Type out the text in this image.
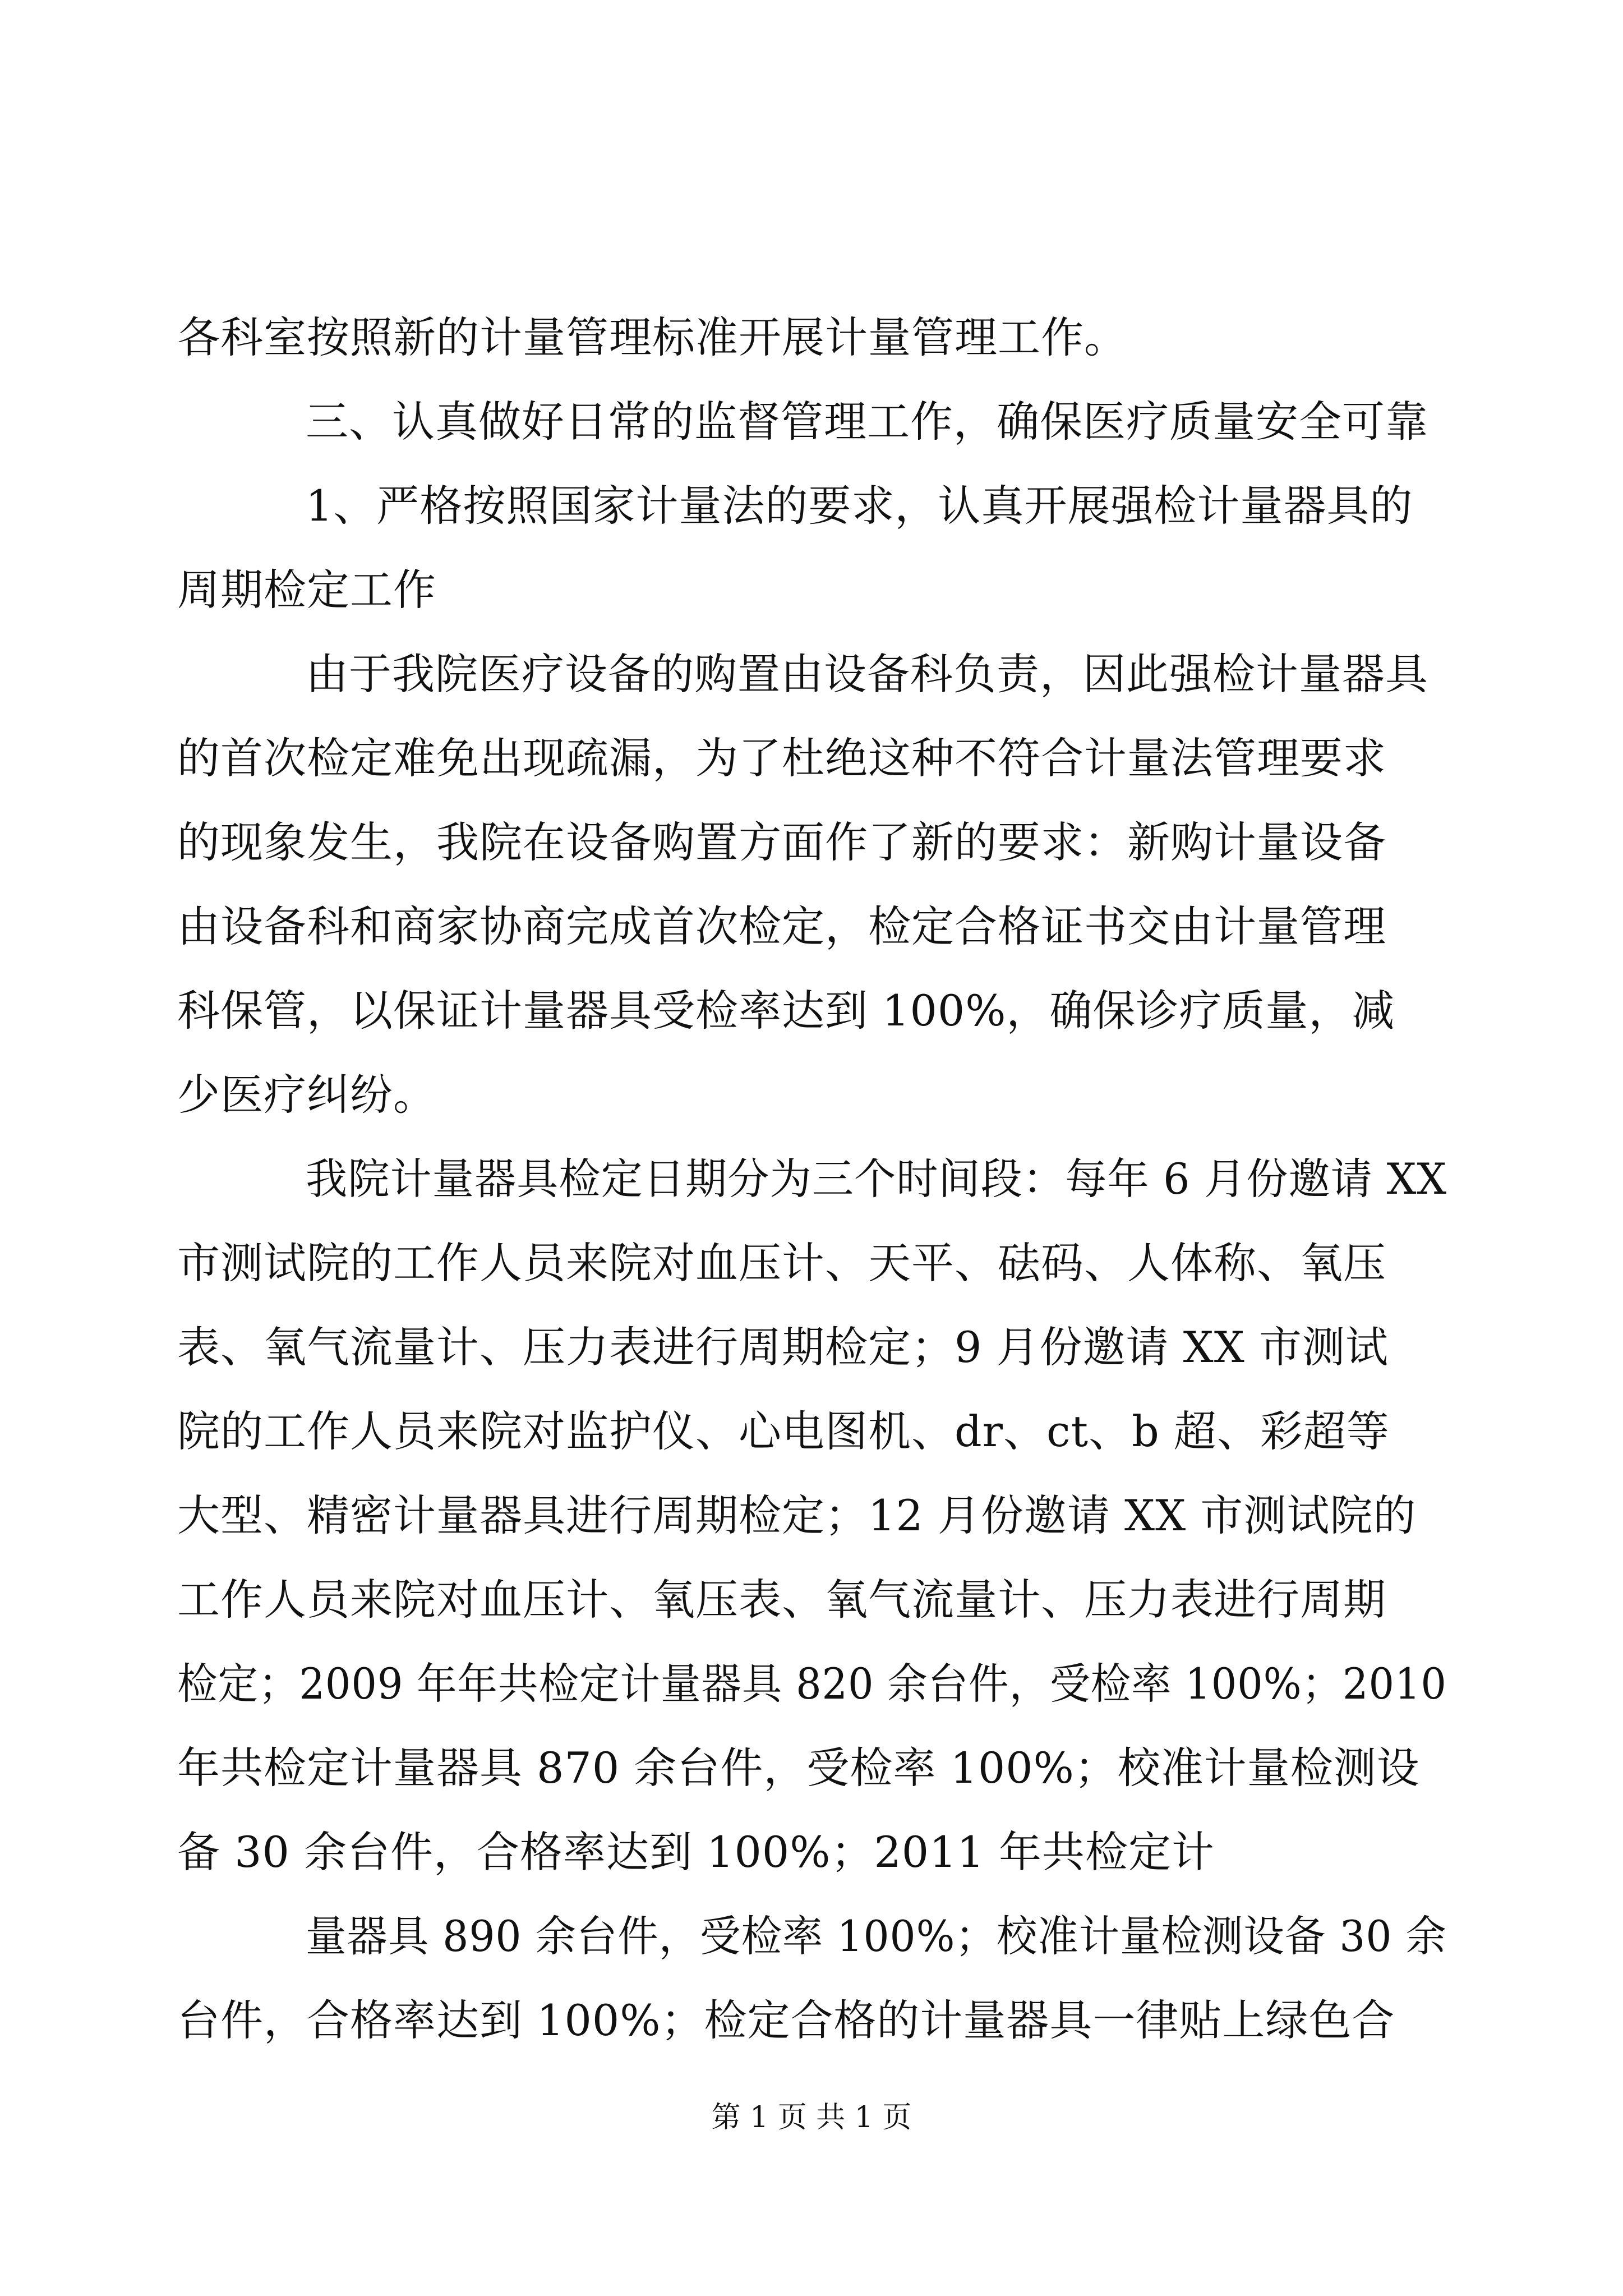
各科室按照新的计量管理标准开展计量管理工作。
三、认真做好日常的监督管理工作，确保医疗质量安全可靠
1、严格按照国家计量法的要求，认真开展强检计量器具的
周期检定工作
由于我院医疗设备的购置由设备科负责，因此强检计量器具
的首次检定难免出现疏漏，为了杜绝这种不符合计量法管理要求
的现象发生，我院在设备购置方面作了新的要求：新购计量设备
由设备科和商家协商完成首次检定，检定合格证书交由计量管理
科保管，以保证计量器具受检率达到 100%，确保诊疗质量，减
少医疗纠纷。
我院计量器具检定日期分为三个时间段：每年 6 月份邀请 XX
市测试院的工作人员来院对血压计、天平、砝码、人体称、氧压
表、氧气流量计、压力表进行周期检定；9 月份邀请 XX 市测试
院的工作人员来院对监护仪、心电图机、dr、ct、b 超、彩超等
大型、精密计量器具进行周期检定；12 月份邀请 XX 市测试院的
工作人员来院对血压计、氧压表、氧气流量计、压力表进行周期
检定；2009 年年共检定计量器具 820 余台件，受检率 100%；2010
年共检定计量器具 870 余台件，受检率 100%；校准计量检测设
备 30 余台件，合格率达到 100%；2011 年共检定计
量器具 890 余台件，受检率 100%；校准计量检测设备 30 余
台件，合格率达到 100%；检定合格的计量器具一律贴上绿色合
第 1 页 共 1 页
